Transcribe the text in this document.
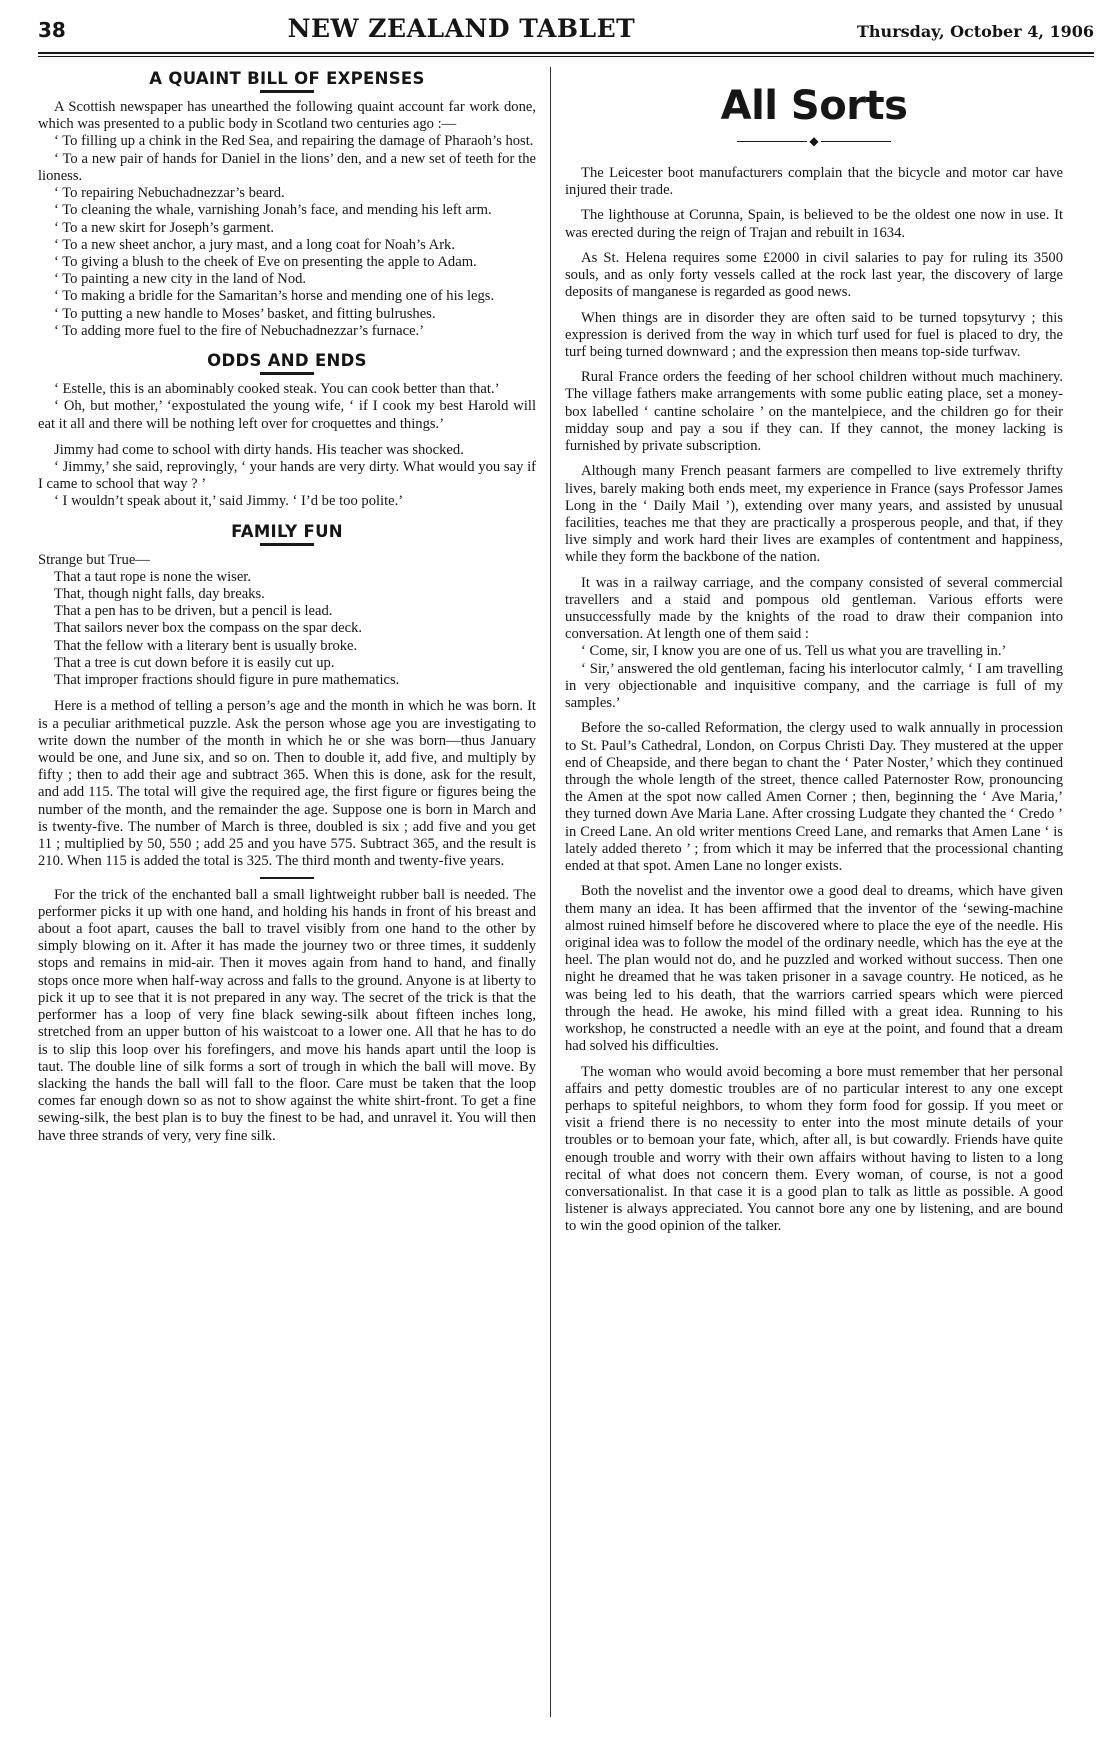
38	NEW ZEALAND TABLET	Thursday, October 4, 1906
A QUAINT BILL OF EXPENSES

A Scottish newspaper has unearthed the following quaint account far work done, which was presented to a public body in Scotland two centuries ago :—

‘ To filling up a chink in the Red Sea, and repairing the damage of Pharaoh’s host.

‘ To a new pair of hands for Daniel in the lions’ den, and a new set of teeth for the lioness.

‘ To repairing Nebuchadnezzar’s beard.

‘ To cleaning the whale, varnishing Jonah’s face, and mending his left arm.

‘ To a new skirt for Joseph’s garment.

‘ To a new sheet anchor, a jury mast, and a long coat for Noah’s Ark.

‘ To giving a blush to the cheek of Eve on presenting the apple to Adam.

‘ To painting a new city in the land of Nod.

‘ To making a bridle for the Samaritan’s horse and mending one of his legs.

‘ To putting a new handle to Moses’ basket, and fitting bulrushes.

‘ To adding more fuel to the fire of Nebuchadnezzar’s furnace.’

ODDS AND ENDS

‘ Estelle, this is an abominably cooked steak. You can cook better than that.’

‘ Oh, but mother,’ ‘expostulated the young wife, ‘ if I cook my best Harold will eat it all and there will be nothing left over for croquettes and things.’

Jimmy had come to school with dirty hands. His teacher was shocked.

‘ Jimmy,’ she said, reprovingly, ‘ your hands are very dirty. What would you say if I came to school that way ? ’

‘ I wouldn’t speak about it,’ said Jimmy. ‘ I’d be too polite.’

FAMILY FUN

Strange but True—

That a taut rope is none the wiser.

That, though night falls, day breaks.

That a pen has to be driven, but a pencil is lead.

That sailors never box the compass on the spar deck.

That the fellow with a literary bent is usually broke.

That a tree is cut down before it is easily cut up.

That improper fractions should figure in pure mathematics.

Here is a method of telling a person’s age and the month in which he was born. It is a peculiar arithmetical puzzle. Ask the person whose age you are investigating to write down the number of the month in which he or she was born—thus January would be one, and June six, and so on. Then to double it, add five, and multiply by fifty ; then to add their age and subtract 365. When this is done, ask for the result, and add 115. The total will give the required age, the first figure or figures being the number of the month, and the remainder the age. Suppose one is born in March and is twenty-five. The number of March is three, doubled is six ; add five and you get 11 ; multiplied by 50, 550 ; add 25 and you have 575. Subtract 365, and the result is 210. When 115 is added the total is 325. The third month and twenty-five years.

For the trick of the enchanted ball a small lightweight rubber ball is needed. The performer picks it up with one hand, and holding his hands in front of his breast and about a foot apart, causes the ball to travel visibly from one hand to the other by simply blowing on it. After it has made the journey two or three times, it suddenly stops and remains in mid-air. Then it moves again from hand to hand, and finally stops once more when half-way across and falls to the ground. Anyone is at liberty to pick it up to see that it is not prepared in any way. The secret of the trick is that the performer has a loop of very fine black sewing-silk about fifteen inches long, stretched from an upper button of his waistcoat to a lower one. All that he has to do is to slip this loop over his forefingers, and move his hands apart until the loop is taut. The double line of silk forms a sort of trough in which the ball will move. By slacking the hands the ball will fall to the floor. Care must be taken that the loop comes far enough down so as not to show against the white shirt-front. To get a fine sewing-silk, the best plan is to buy the finest to be had, and unravel it. You will then have three strands of very, very fine silk.

All Sorts
◆

The Leicester boot manufacturers complain that the bicycle and motor car have injured their trade.

The lighthouse at Corunna, Spain, is believed to be the oldest one now in use. It was erected during the reign of Trajan and rebuilt in 1634.

As St. Helena requires some £2000 in civil salaries to pay for ruling its 3500 souls, and as only forty vessels called at the rock last year, the discovery of large deposits of manganese is regarded as good news.

When things are in disorder they are often said to be turned topsyturvy ; this expression is derived from the way in which turf used for fuel is placed to dry, the turf being turned downward ; and the expression then means top-side turfwav.

Rural France orders the feeding of her school children without much machinery. The village fathers make arrangements with some public eating place, set a money-box labelled ‘ cantine scholaire ’ on the mantelpiece, and the children go for their midday soup and pay a sou if they can. If they cannot, the money lacking is furnished by private subscription.

Although many French peasant farmers are compelled to live extremely thrifty lives, barely making both ends meet, my experience in France (says Professor James Long in the ‘ Daily Mail ’), extending over many years, and assisted by unusual facilities, teaches me that they are practically a prosperous people, and that, if they live simply and work hard their lives are examples of contentment and happiness, while they form the backbone of the nation.

It was in a railway carriage, and the company consisted of several commercial travellers and a staid and pompous old gentleman. Various efforts were unsuccessfully made by the knights of the road to draw their companion into conversation. At length one of them said :

‘ Come, sir, I know you are one of us. Tell us what you are travelling in.’

‘ Sir,’ answered the old gentleman, facing his interlocutor calmly, ‘ I am travelling in very objectionable and inquisitive company, and the carriage is full of my samples.’

Before the so-called Reformation, the clergy used to walk annually in procession to St. Paul’s Cathedral, London, on Corpus Christi Day. They mustered at the upper end of Cheapside, and there began to chant the ‘ Pater Noster,’ which they continued through the whole length of the street, thence called Paternoster Row, pronouncing the Amen at the spot now called Amen Corner ; then, beginning the ‘ Ave Maria,’ they turned down Ave Maria Lane. After crossing Ludgate they chanted the ‘ Credo ’ in Creed Lane. An old writer mentions Creed Lane, and remarks that Amen Lane ‘ is lately added thereto ’ ; from which it may be inferred that the processional chanting ended at that spot. Amen Lane no longer exists.

Both the novelist and the inventor owe a good deal to dreams, which have given them many an idea. It has been affirmed that the inventor of the ‘sewing-machine almost ruined himself before he discovered where to place the eye of the needle. His original idea was to follow the model of the ordinary needle, which has the eye at the heel. The plan would not do, and he puzzled and worked without success. Then one night he dreamed that he was taken prisoner in a savage country. He noticed, as he was being led to his death, that the warriors carried spears which were pierced through the head. He awoke, his mind filled with a great idea. Running to his workshop, he constructed a needle with an eye at the point, and found that a dream had solved his difficulties.

The woman who would avoid becoming a bore must remember that her personal affairs and petty domestic troubles are of no particular interest to any one except perhaps to spiteful neighbors, to whom they form food for gossip. If you meet or visit a friend there is no necessity to enter into the most minute details of your troubles or to bemoan your fate, which, after all, is but cowardly. Friends have quite enough trouble and worry with their own affairs without having to listen to a long recital of what does not concern them. Every woman, of course, is not a good conversationalist. In that case it is a good plan to talk as little as possible. A good listener is always appreciated. You cannot bore any one by listening, and are bound to win the good opinion of the talker.
